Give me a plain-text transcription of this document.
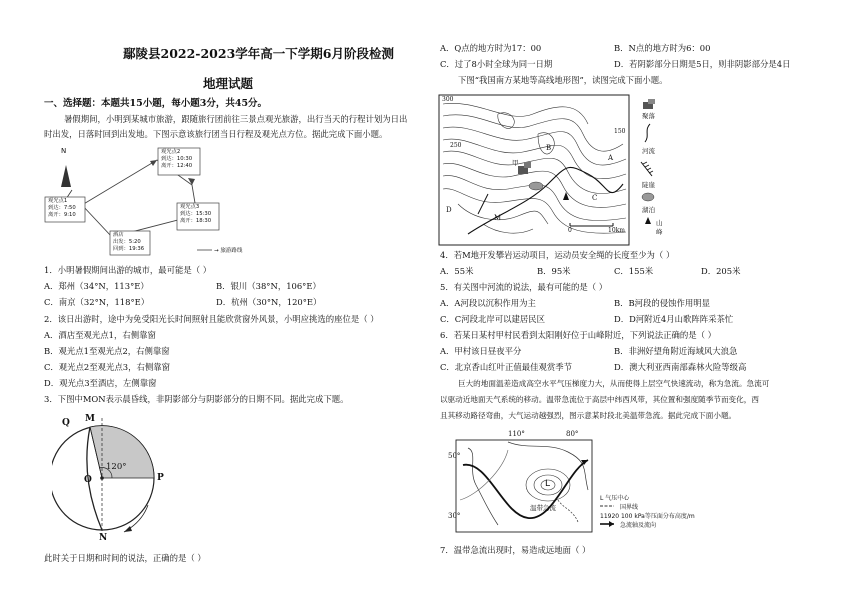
鄢陵县2022-2023学年高一下学期6月阶段检测
地理试题
一、选择题：本题共15小题，每小题3分，共45分。
暑假期间，小明到某城市旅游，跟随旅行团前往三景点观光旅游，出行当天的行程计划为日出
时出发，日落时回到出发地。下图示意该旅行团当日行程及观光点方位。据此完成下面小题。
N
观光点1
到达：7:50
离开：9:10
观光点2
到达：10:30
离开：12:40
观光点3
到达：15:30
离开：18:30
酒店
出发：5:20
回到：19:36	→ 旅游路线
1．小明暑假期间出游的城市，最可能是（ ）
A．郑州（34°N，113°E）	B．银川（38°N，106°E）
C．南京（32°N，118°E）	D．杭州（30°N，120°E）
2．该日出游时，途中为免受阳光长时间照射且能欣赏窗外风景，小明应挑选的座位是（ ）
A．酒店至观光点1，右侧靠窗
B．观光点1至观光点2，右侧靠窗
C．观光点2至观光点3，右侧靠窗
D．观光点3至酒店，左侧靠窗
3．下图中MON表示晨昏线，非阴影部分与阴影部分的日期不同。据此完成下题。
Q M
O	P
N
120°
此时关于日期和时间的说法，正确的是（ ）
A．Q点的地方时为17：00	B．N点的地方时为6：00
C．过了8小时全球为同一日期	D．若阴影部分日期是5日，则非阴影部分是4日
下图“我国南方某地等高线地形图”，读图完成下面小题。
300
250
150
B
A
C
D
M
甲
0	10km
聚落
河流
陡崖
湖泊
山峰
4．若M地开发攀岩运动项目，运动员安全绳的长度至少为（ ）
A．55米	B．95米	C．155米	D．205米
5．有关图中河流的说法，最有可能的是（ ）
A．A河段以沉积作用为主	B．B河段的侵蚀作用明显
C．C河段北岸可以建居民区	D．D河附近4月山歌阵阵采茶忙
6．若某日某村甲村民看到太阳刚好位于山峰附近，下列说法正确的是（ ）
A．甲村该日昼夜平分	B．非洲好望角附近海域风大浪急
C．北京香山红叶正值最佳观赏季节	D．澳大利亚西南部森林火险等级高
巨大的地面温差造成高空水平气压梯度力大，从而使得上层空气快速流动，称为急流。急流可
以驱动近地面天气系统的移动。温带急流位于高层中纬西风带，其位置和强度随季节而变化，西
且其移动路径弯曲，大气运动越强烈，图示意某时段北美温带急流。据此完成下面小题。
110°	80°
50°
30°
L
温带急流
L 气压中心
国界线
11920 100 kPa等压面分布高度/m
急流轴及流向
7．温带急流出现时，易造成远地面（ ）
